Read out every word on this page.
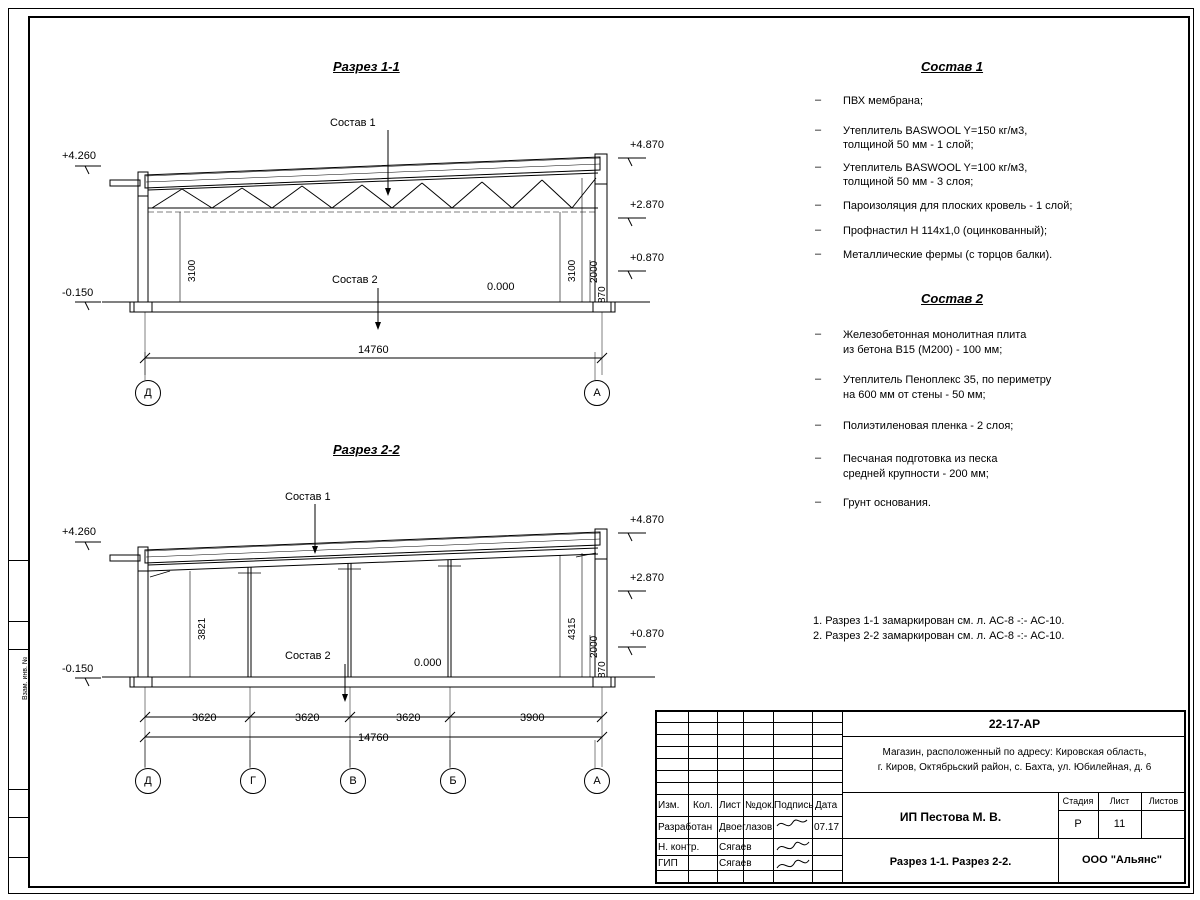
Взам. инв. №
Разрез 1-1
Состав 1
Состав 2
+4.260
-0.150	0.000
+4.870
+2.870
+0.870
3100	3100 2000
870
14760
Д	А
Разрез 2-2
Состав 1
Состав 2
+4.260
-0.150	0.000
+4.870
+2.870
+0.870
3821	4315
2000
870
3620	3620	3620	3900
14760
Д	Г	В	Б	А
Состав 1
– ПВХ мембрана;
– Утеплитель BASWOOL Y=150 кг/м3,
толщиной 50 мм - 1 слой;
– Утеплитель BASWOOL Y=100 кг/м3,
толщиной 50 мм - 3 слоя;
– Пароизоляция для плоских кровель - 1 слой;
– Профнастил Н 114х1,0 (оцинкованный);
– Металлические фермы (с торцов балки).
Состав 2
– Железобетонная монолитная плита
из бетона В15 (М200) - 100 мм;
– Утеплитель Пеноплекс 35, по периметру
на 600 мм от стены - 50 мм;
– Полиэтиленовая пленка - 2 слоя;
– Песчаная подготовка из песка
средней крупности - 200 мм;
– Грунт основания.
1. Разрез 1-1 замаркирован см. л. АС-8 -:- АС-10.
2. Разрез 2-2 замаркирован см. л. АС-8 -:- АС-10.
Изм. Кол. Лист №док. Подпись Дата
Разработан Двоеглазов	07.17
Н. контр. Сягаев
ГИП	Сягаев
22-17-АР
Магазин, расположенный по адресу: Кировская область,
г. Киров, Октябрьский район, с. Бахта, ул. Юбилейная, д. 6
ИП Пестова М. В.
Разрез 1-1. Разрез 2-2.
Стадия	Лист	Листов
Р	11
ООО "Альянс"
